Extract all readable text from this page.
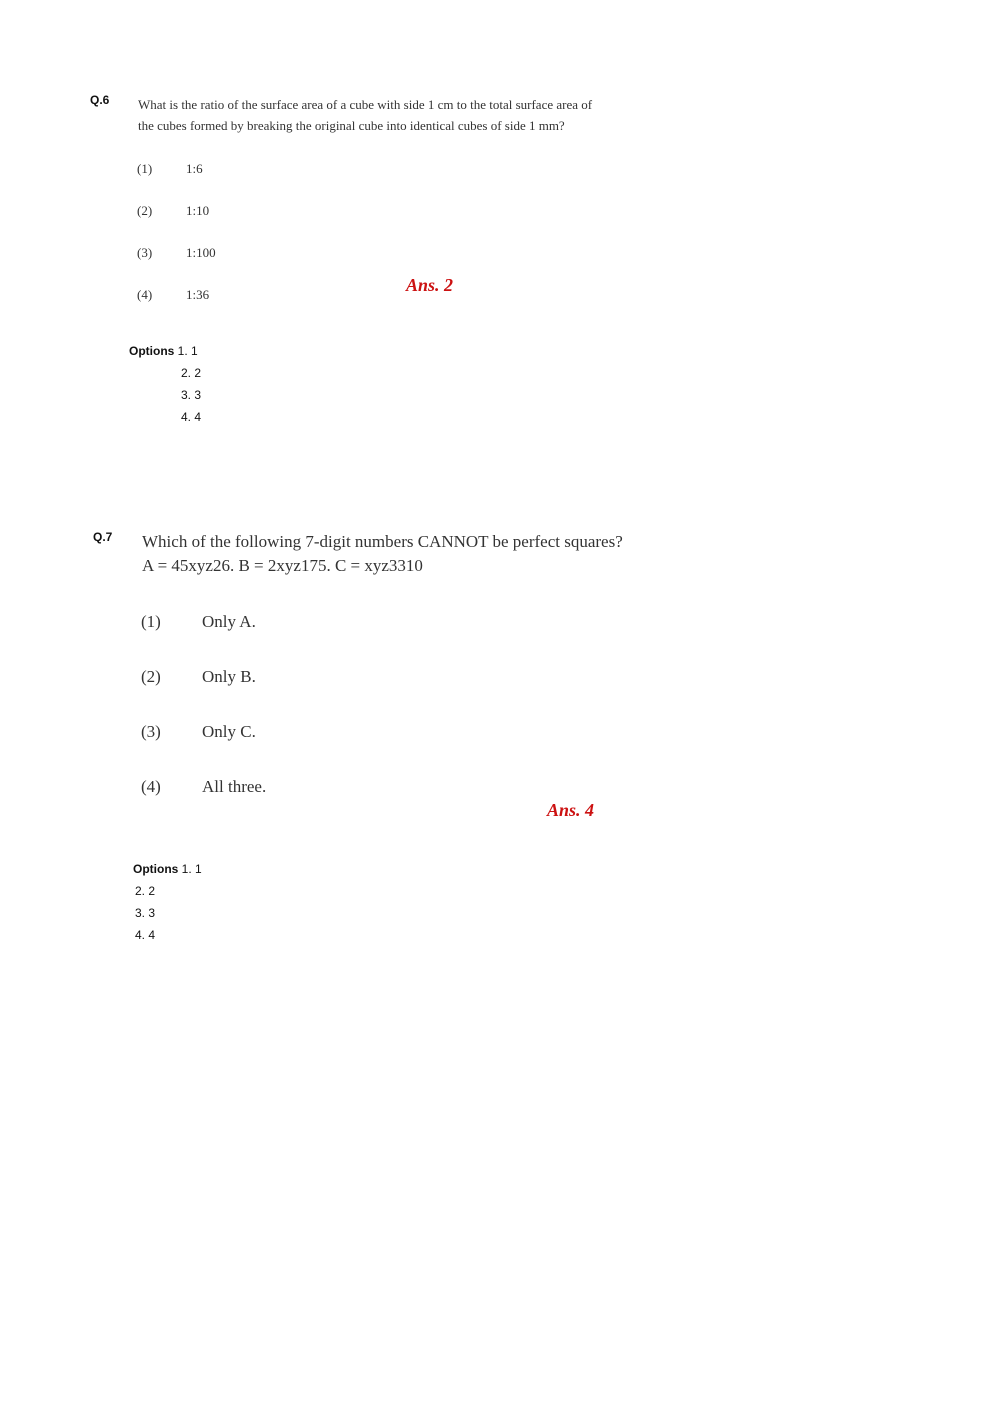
Q.6 What is the ratio of the surface area of a cube with side 1 cm to the total surface area of
the cubes formed by breaking the original cube into identical cubes of side 1 mm?
(1)	1:6
(2)	1:10
(3)	1:100
(4)	1:36	Ans. 2
Options 1. 1
2. 2
3. 3
4. 4
Q.7 Which of the following 7-digit numbers CANNOT be perfect squares?
A = 45xyz26. B = 2xyz175. C = xyz3310
(1) Only A.
(2) Only B.
(3) Only C.
(4) All three.
Ans. 4
Options 1. 1
2. 2
3. 3
4. 4
